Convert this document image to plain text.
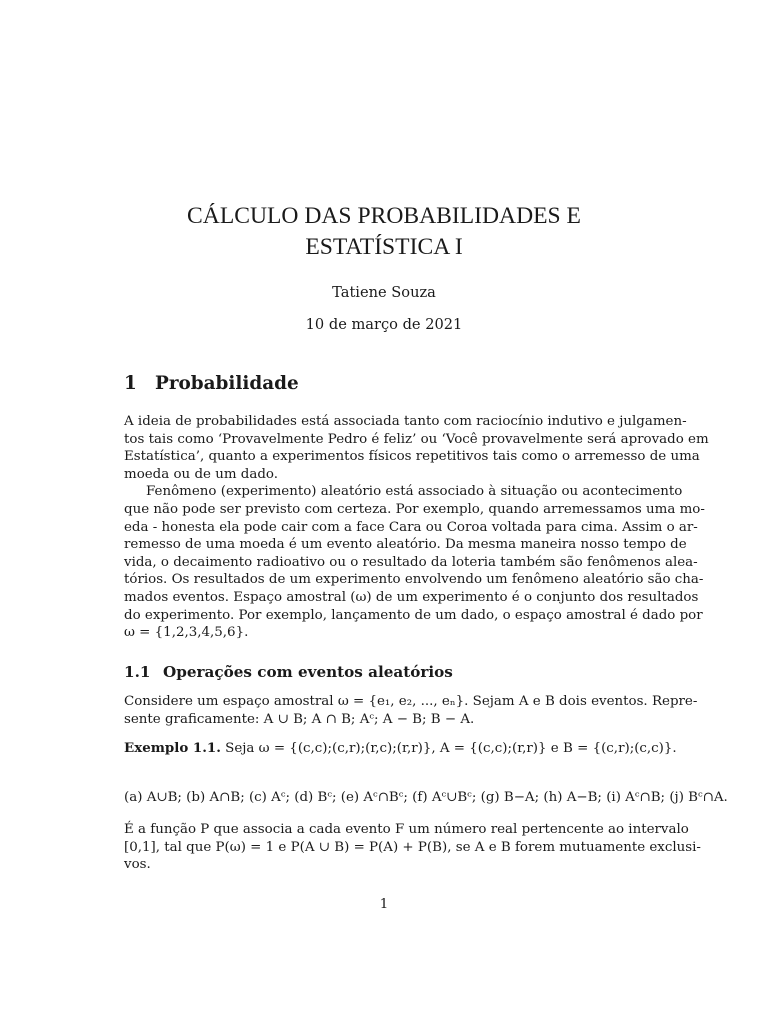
CÁLCULO DAS PROBABILIDADES E
ESTATÍSTICA I
Tatiene Souza
10 de março de 2021
1 Probabilidade
A ideia de probabilidades está associada tanto com raciocínio indutivo e julgamen-
tos tais como ‘Provavelmente Pedro é feliz’ ou ‘Você provavelmente será aprovado em
Estatística’, quanto a experimentos físicos repetitivos tais como o arremesso de uma
moeda ou de um dado.
Fenômeno (experimento) aleatório está associado à situação ou acontecimento
que não pode ser previsto com certeza. Por exemplo, quando arremessamos uma mo-
eda - honesta ela pode cair com a face Cara ou Coroa voltada para cima. Assim o ar-
remesso de uma moeda é um evento aleatório. Da mesma maneira nosso tempo de
vida, o decaimento radioativo ou o resultado da loteria também são fenômenos alea-
tórios. Os resultados de um experimento envolvendo um fenômeno aleatório são cha-
mados eventos. Espaço amostral (ω) de um experimento é o conjunto dos resultados
do experimento. Por exemplo, lançamento de um dado, o espaço amostral é dado por
ω = {1,2,3,4,5,6}.
1.1 Operações com eventos aleatórios
Considere um espaço amostral ω = {e₁, e₂, ..., eₙ}. Sejam A e B dois eventos. Repre-
sente graficamente: A ∪ B; A ∩ B; Aᶜ; A − B; B − A.
Exemplo 1.1. Seja ω = {(c,c);(c,r);(r,c);(r,r)}, A = {(c,c);(r,r)} e B = {(c,r);(c,c)}.
(a) A∪B; (b) A∩B; (c) Aᶜ; (d) Bᶜ; (e) Aᶜ∩Bᶜ; (f) Aᶜ∪Bᶜ; (g) B−A; (h) A−B; (i) Aᶜ∩B; (j) Bᶜ∩A.
É a função P que associa a cada evento F um número real pertencente ao intervalo
[0,1], tal que P(ω) = 1 e P(A ∪ B) = P(A) + P(B), se A e B forem mutuamente exclusi-
vos.
1
